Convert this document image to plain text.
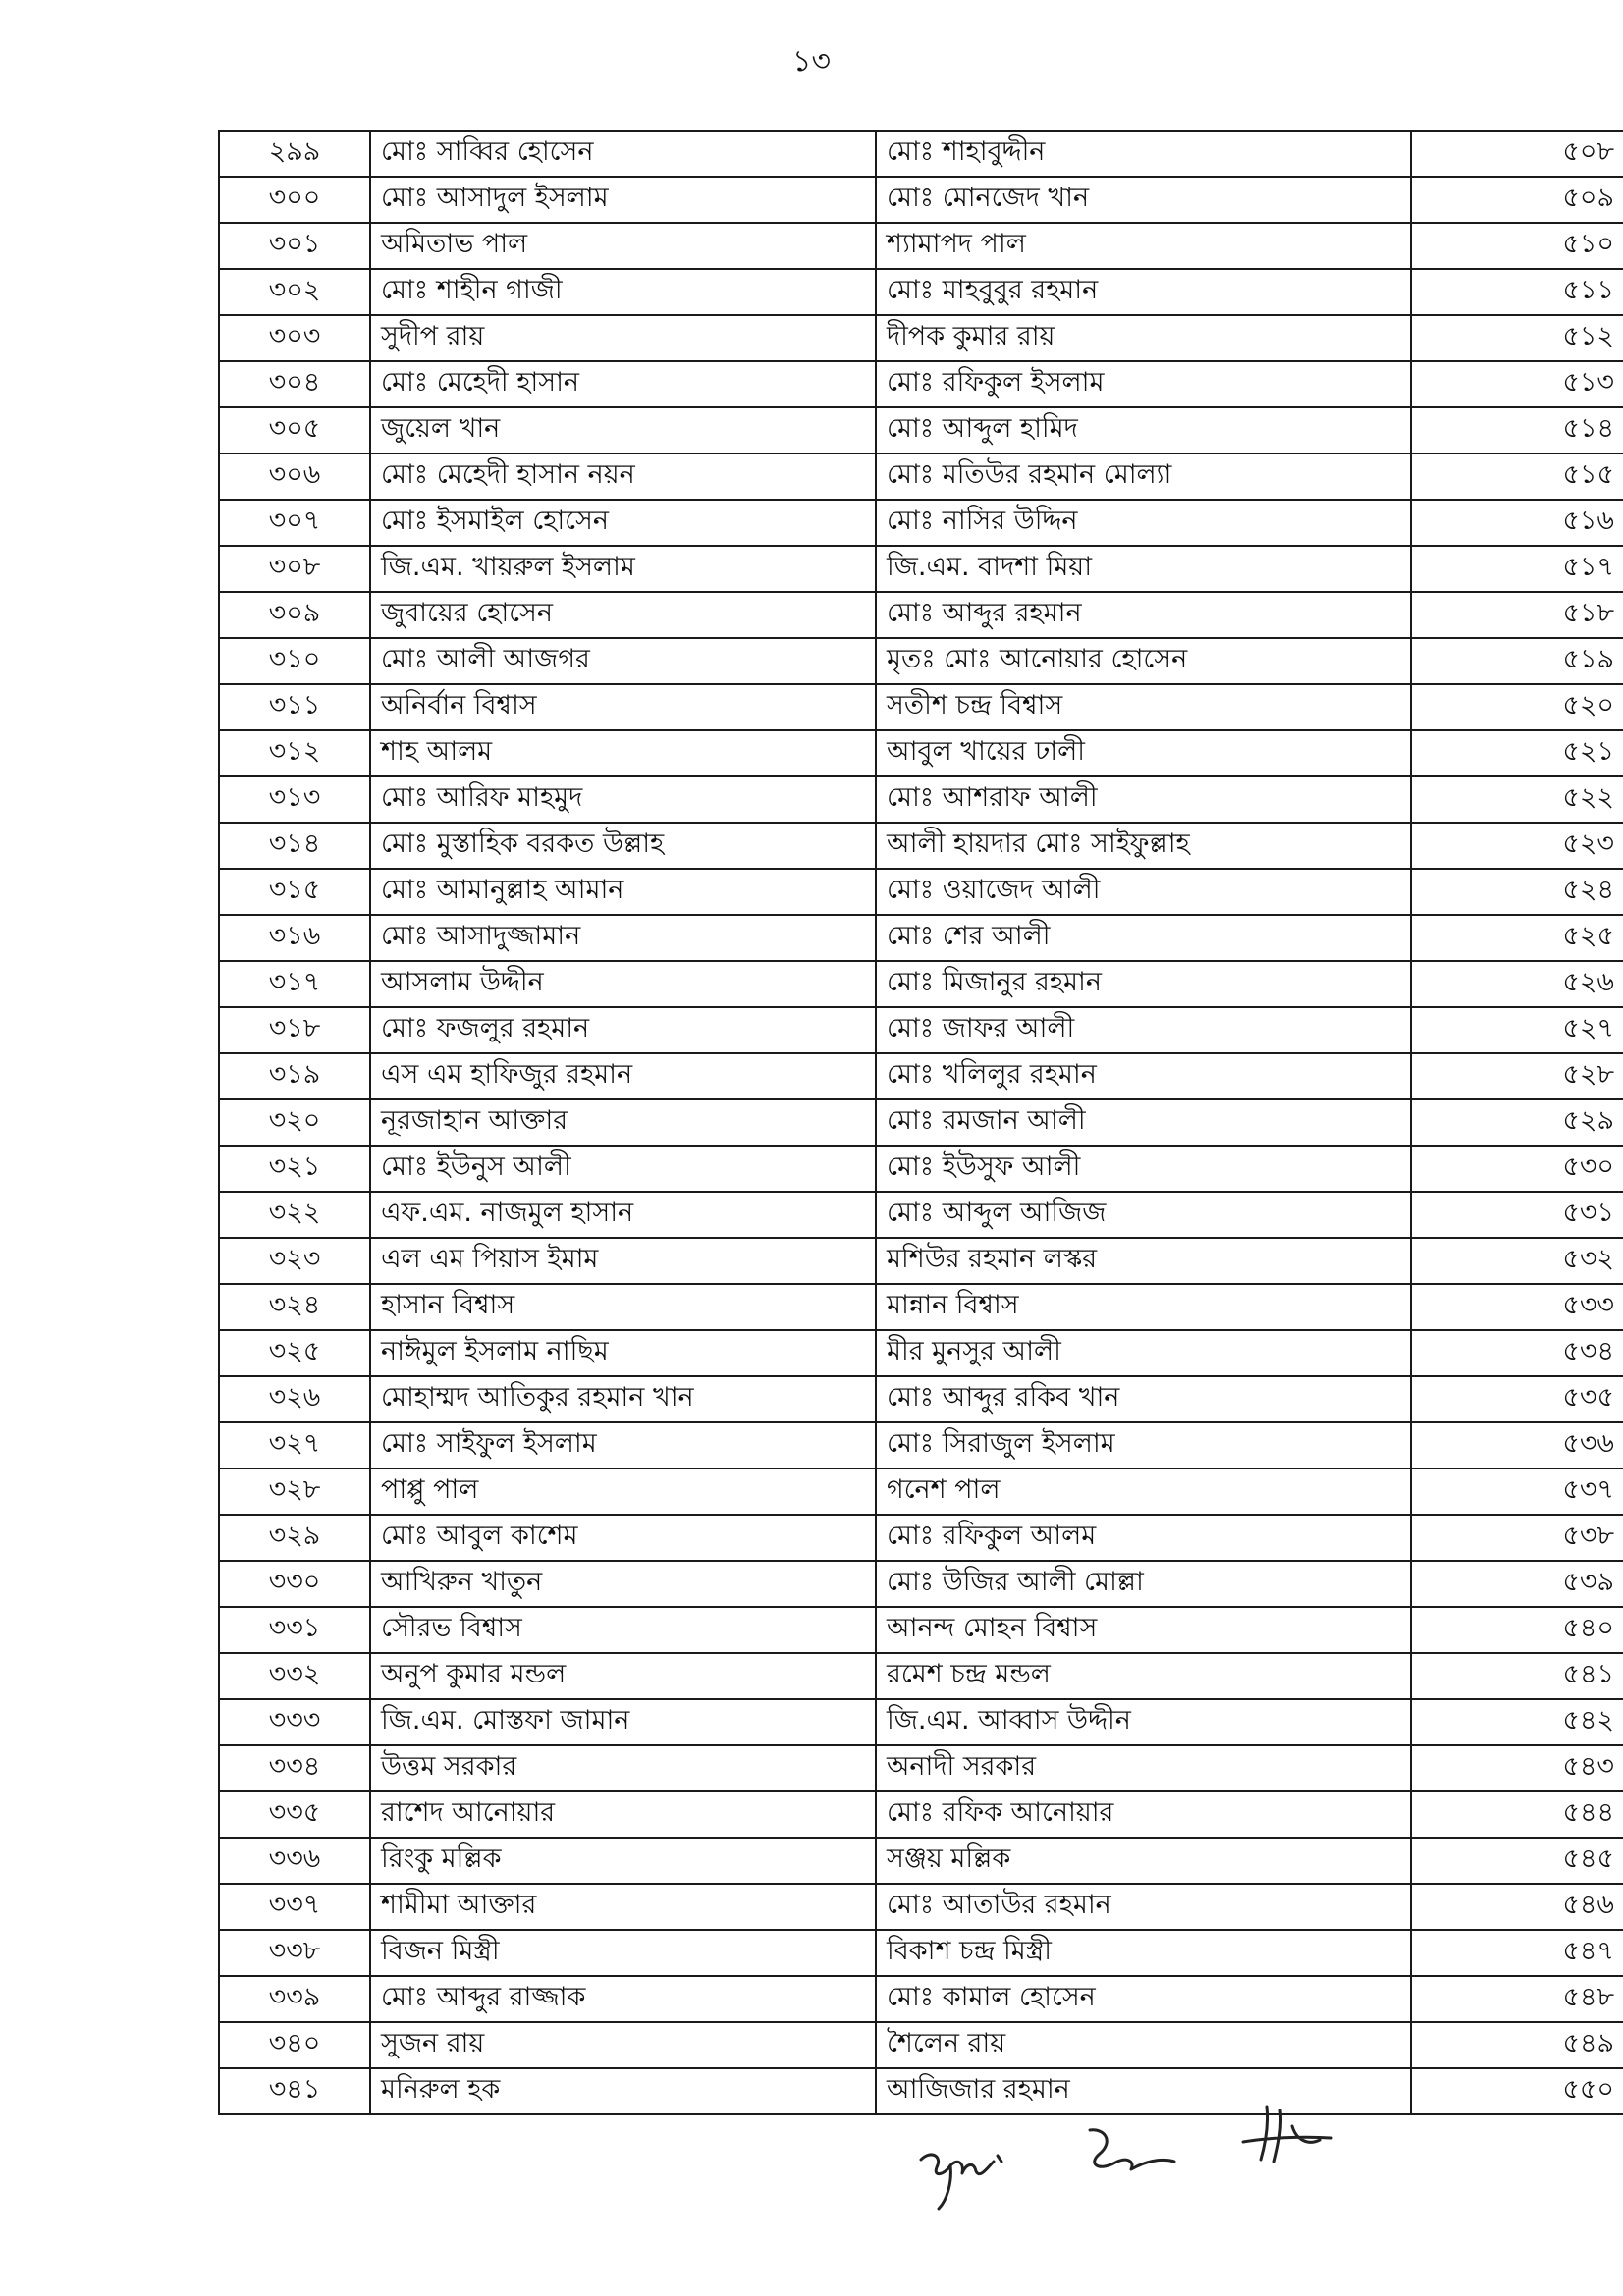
১৩
২৯৯	মোঃ সাব্বির হোসেন	মোঃ শাহাবুদ্দীন	৫০৮
৩০০	মোঃ আসাদুল ইসলাম	মোঃ মোনজেদ খান	৫০৯
৩০১	অমিতাভ পাল	শ্যামাপদ পাল	৫১০
৩০২	মোঃ শাহীন গাজী	মোঃ মাহবুবুর রহমান	৫১১
৩০৩	সুদীপ রায়	দীপক কুমার রায়	৫১২
৩০৪	মোঃ মেহেদী হাসান	মোঃ রফিকুল ইসলাম	৫১৩
৩০৫	জুয়েল খান	মোঃ আব্দুল হামিদ	৫১৪
৩০৬	মোঃ মেহেদী হাসান নয়ন	মোঃ মতিউর রহমান মোল্যা	৫১৫
৩০৭	মোঃ ইসমাইল হোসেন	মোঃ নাসির উদ্দিন	৫১৬
৩০৮	জি.এম. খায়রুল ইসলাম	জি.এম. বাদশা মিয়া	৫১৭
৩০৯	জুবায়ের হোসেন	মোঃ আব্দুর রহমান	৫১৮
৩১০	মোঃ আলী আজগর	মৃতঃ মোঃ আনোয়ার হোসেন	৫১৯
৩১১	অনির্বান বিশ্বাস	সতীশ চন্দ্র বিশ্বাস	৫২০
৩১২	শাহ আলম	আবুল খায়ের ঢালী	৫২১
৩১৩	মোঃ আরিফ মাহমুদ	মোঃ আশরাফ আলী	৫২২
৩১৪	মোঃ মুস্তাহিক বরকত উল্লাহ	আলী হায়দার মোঃ সাইফুল্লাহ	৫২৩
৩১৫	মোঃ আমানুল্লাহ আমান	মোঃ ওয়াজেদ আলী	৫২৪
৩১৬	মোঃ আসাদুজ্জামান	মোঃ শের আলী	৫২৫
৩১৭	আসলাম উদ্দীন	মোঃ মিজানুর রহমান	৫২৬
৩১৮	মোঃ ফজলুর রহমান	মোঃ জাফর আলী	৫২৭
৩১৯	এস এম হাফিজুর রহমান	মোঃ খলিলুর রহমান	৫২৮
৩২০	নূরজাহান আক্তার	মোঃ রমজান আলী	৫২৯
৩২১	মোঃ ইউনুস আলী	মোঃ ইউসুফ আলী	৫৩০
৩২২	এফ.এম. নাজমুল হাসান	মোঃ আব্দুল আজিজ	৫৩১
৩২৩	এল এম পিয়াস ইমাম	মশিউর রহমান লস্কর	৫৩২
৩২৪	হাসান বিশ্বাস	মান্নান বিশ্বাস	৫৩৩
৩২৫	নাঈমুল ইসলাম নাছিম	মীর মুনসুর আলী	৫৩৪
৩২৬	মোহাম্মদ আতিকুর রহমান খান	মোঃ আব্দুর রকিব খান	৫৩৫
৩২৭	মোঃ সাইফুল ইসলাম	মোঃ সিরাজুল ইসলাম	৫৩৬
৩২৮	পাপ্পু পাল	গনেশ পাল	৫৩৭
৩২৯	মোঃ আবুল কাশেম	মোঃ রফিকুল আলম	৫৩৮
৩৩০	আখিরুন খাতুন	মোঃ উজির আলী মোল্লা	৫৩৯
৩৩১	সৌরভ বিশ্বাস	আনন্দ মোহন বিশ্বাস	৫৪০
৩৩২	অনুপ কুমার মন্ডল	রমেশ চন্দ্র মন্ডল	৫৪১
৩৩৩	জি.এম. মোস্তফা জামান	জি.এম. আব্বাস উদ্দীন	৫৪২
৩৩৪	উত্তম সরকার	অনাদী সরকার	৫৪৩
৩৩৫	রাশেদ আনোয়ার	মোঃ রফিক আনোয়ার	৫৪৪
৩৩৬	রিংকু মল্লিক	সঞ্জয় মল্লিক	৫৪৫
৩৩৭	শামীমা আক্তার	মোঃ আতাউর রহমান	৫৪৬
৩৩৮	বিজন মিস্ত্রী	বিকাশ চন্দ্র মিস্ত্রী	৫৪৭
৩৩৯	মোঃ আব্দুর রাজ্জাক	মোঃ কামাল হোসেন	৫৪৮
৩৪০	সুজন রায়	শৈলেন রায়	৫৪৯
৩৪১	মনিরুল হক	আজিজার রহমান	৫৫০
